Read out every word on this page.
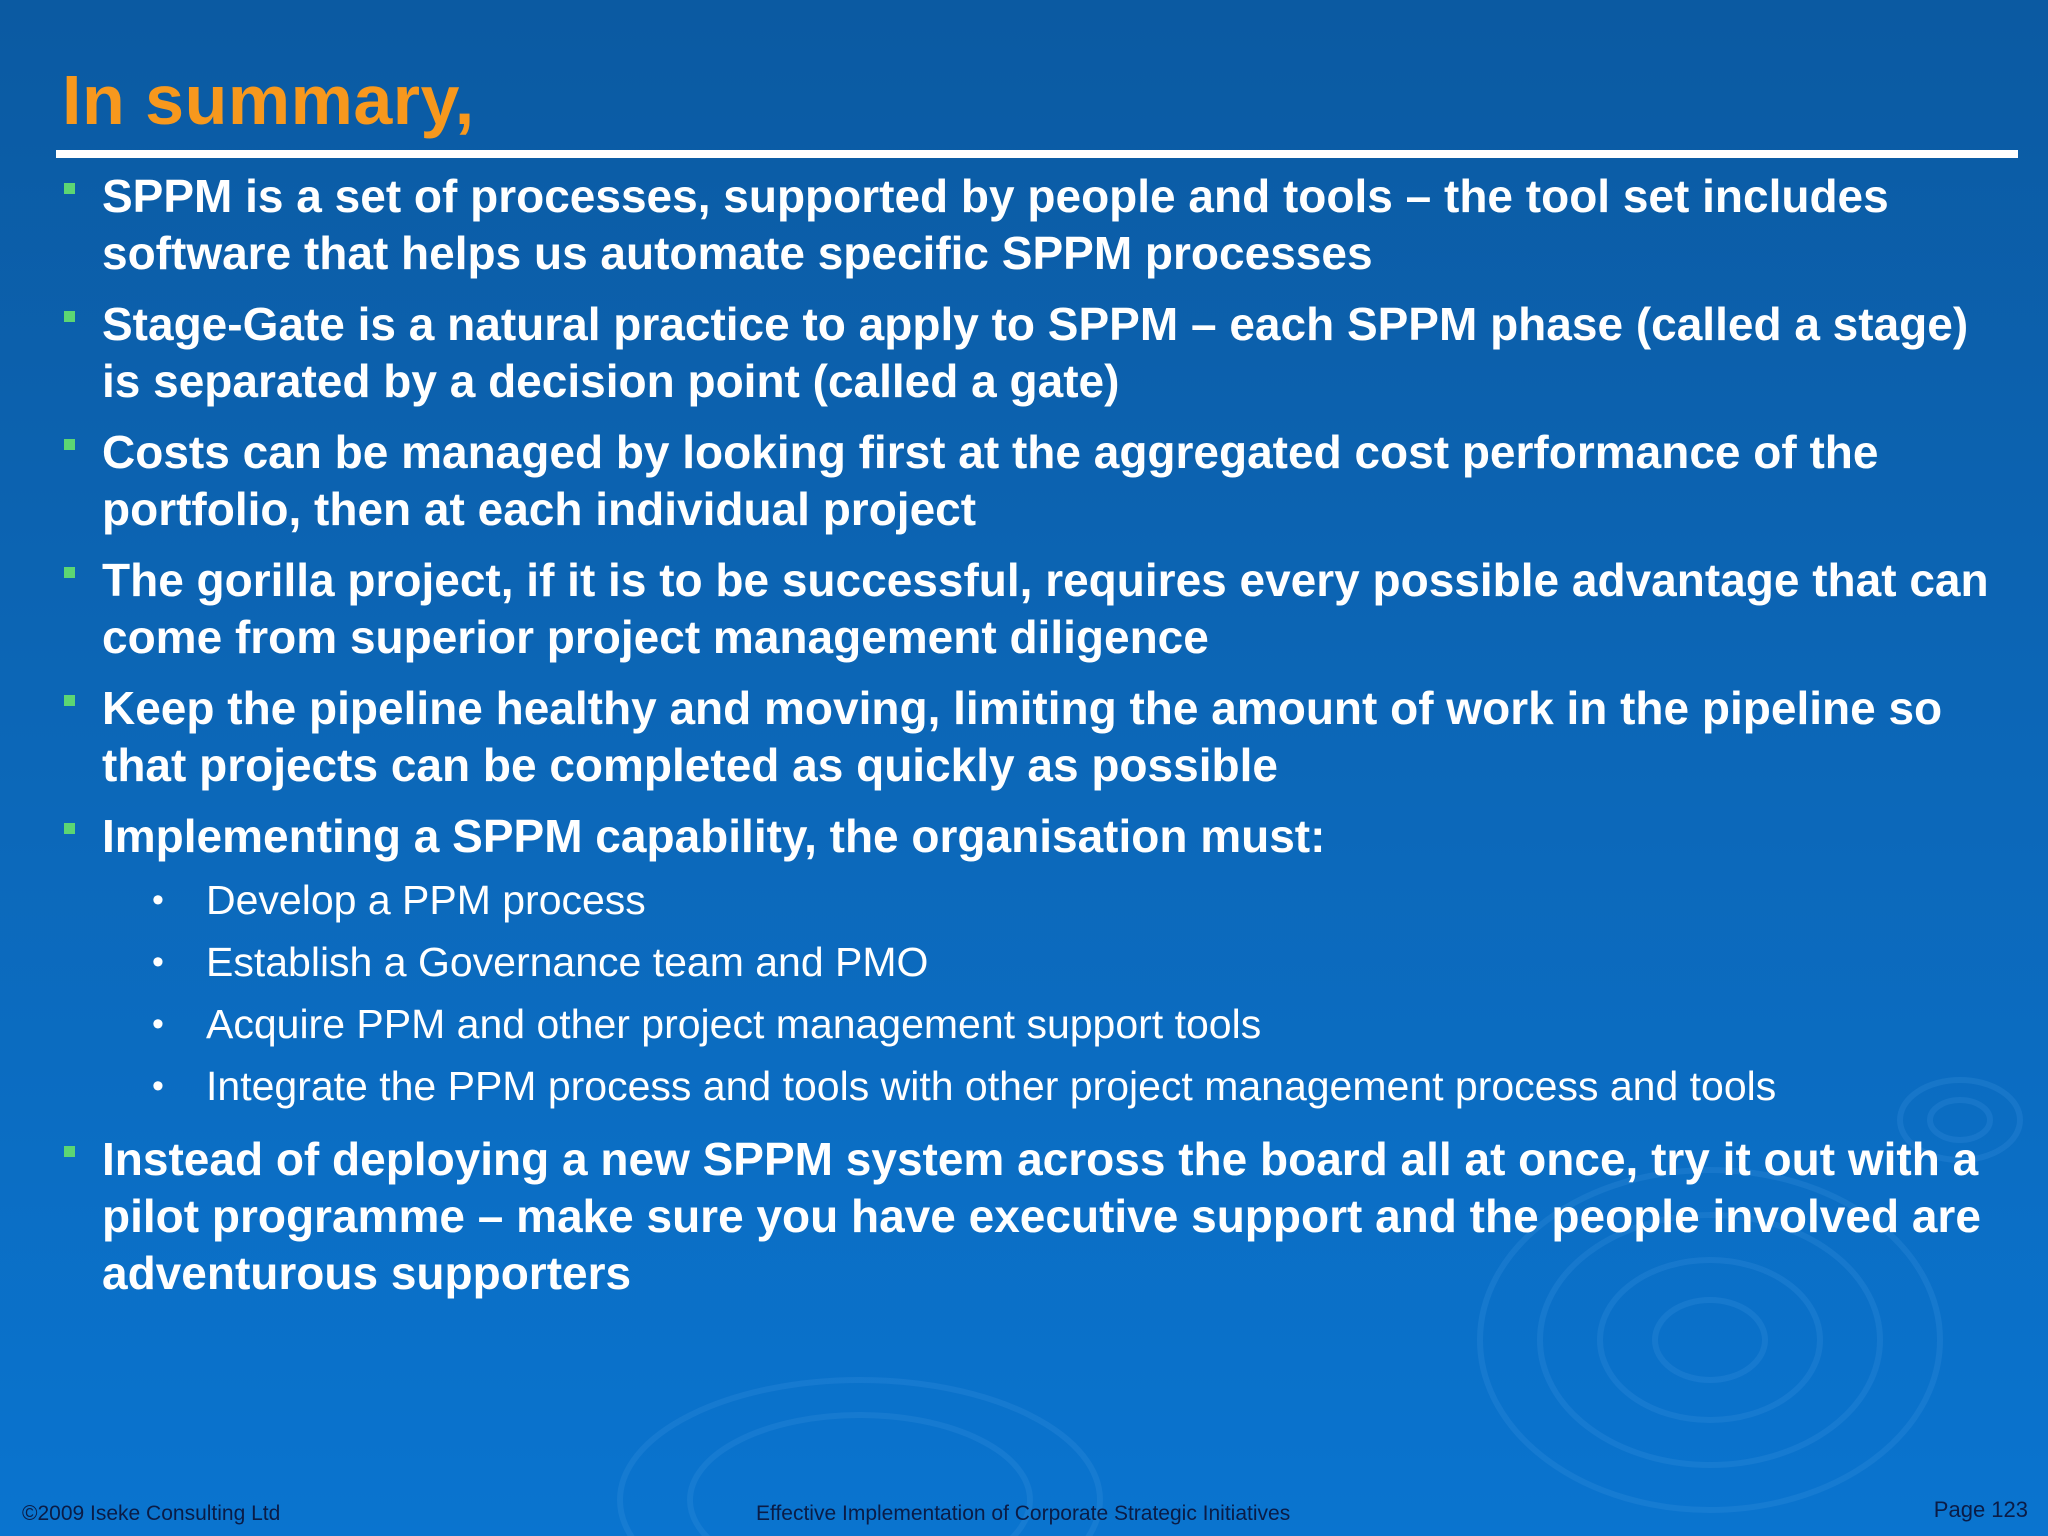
In summary,
SPPM is a set of processes, supported by people and tools – the tool set includes software that helps us automate specific SPPM processes
Stage-Gate is a natural practice to apply to SPPM – each SPPM phase (called a stage) is separated by a decision point (called a gate)
Costs can be managed by looking first at the aggregated cost performance of the portfolio, then at each individual project
The gorilla project, if it is to be successful, requires every possible advantage that can come from superior project management diligence
Keep the pipeline healthy and moving, limiting the amount of work in the pipeline so that projects can be completed as quickly as possible
Implementing a SPPM capability, the organisation must:
• Develop a PPM process
• Establish a Governance team and PMO
• Acquire PPM and other project management support tools
• Integrate the PPM process and tools with other project management process and tools
Instead of deploying a new SPPM system across the board all at once, try it out with a pilot programme – make sure you have executive support and the people involved are adventurous supporters
©2009 Iseke Consulting Ltd	Effective Implementation of Corporate Strategic Initiatives	Page 123
